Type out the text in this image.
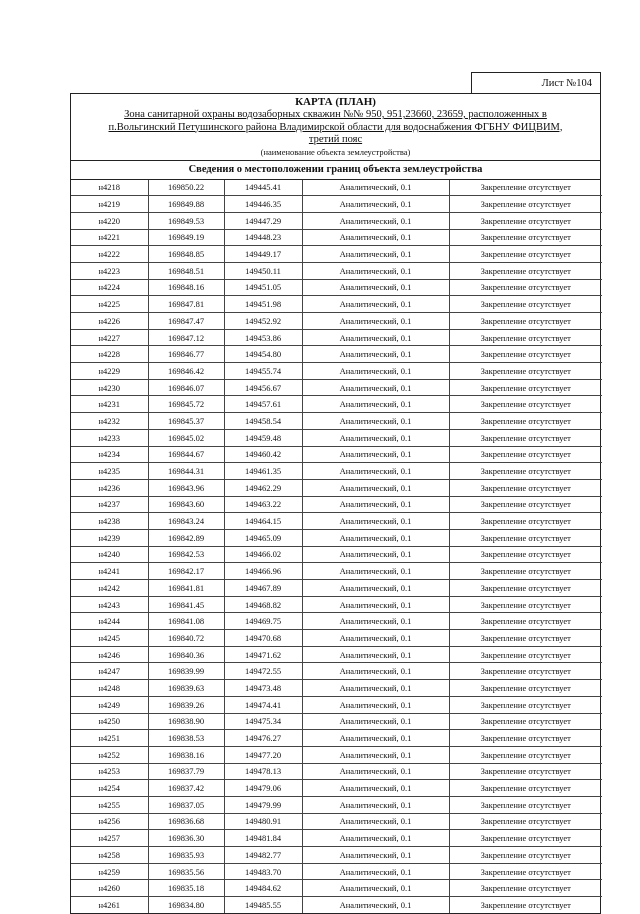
Лист №104
КАРТА (ПЛАН)
Зона санитарной охраны водозаборных скважин №№ 950, 951,23660, 23659, расположенных в
п.Вольгинский Петушинского района Владимирской области для водоснабжения ФГБНУ ФИЦВИМ,
третий пояс
(наименование объекта землеустройства)
Сведения о местоположении границ объекта землеустройства
н4218	169850.22	149445.41	Аналитический, 0.1	Закрепление отсутствует
н4219	169849.88	149446.35	Аналитический, 0.1	Закрепление отсутствует
н4220	169849.53	149447.29	Аналитический, 0.1	Закрепление отсутствует
н4221	169849.19	149448.23	Аналитический, 0.1	Закрепление отсутствует
н4222	169848.85	149449.17	Аналитический, 0.1	Закрепление отсутствует
н4223	169848.51	149450.11	Аналитический, 0.1	Закрепление отсутствует
н4224	169848.16	149451.05	Аналитический, 0.1	Закрепление отсутствует
н4225	169847.81	149451.98	Аналитический, 0.1	Закрепление отсутствует
н4226	169847.47	149452.92	Аналитический, 0.1	Закрепление отсутствует
н4227	169847.12	149453.86	Аналитический, 0.1	Закрепление отсутствует
н4228	169846.77	149454.80	Аналитический, 0.1	Закрепление отсутствует
н4229	169846.42	149455.74	Аналитический, 0.1	Закрепление отсутствует
н4230	169846.07	149456.67	Аналитический, 0.1	Закрепление отсутствует
н4231	169845.72	149457.61	Аналитический, 0.1	Закрепление отсутствует
н4232	169845.37	149458.54	Аналитический, 0.1	Закрепление отсутствует
н4233	169845.02	149459.48	Аналитический, 0.1	Закрепление отсутствует
н4234	169844.67	149460.42	Аналитический, 0.1	Закрепление отсутствует
н4235	169844.31	149461.35	Аналитический, 0.1	Закрепление отсутствует
н4236	169843.96	149462.29	Аналитический, 0.1	Закрепление отсутствует
н4237	169843.60	149463.22	Аналитический, 0.1	Закрепление отсутствует
н4238	169843.24	149464.15	Аналитический, 0.1	Закрепление отсутствует
н4239	169842.89	149465.09	Аналитический, 0.1	Закрепление отсутствует
н4240	169842.53	149466.02	Аналитический, 0.1	Закрепление отсутствует
н4241	169842.17	149466.96	Аналитический, 0.1	Закрепление отсутствует
н4242	169841.81	149467.89	Аналитический, 0.1	Закрепление отсутствует
н4243	169841.45	149468.82	Аналитический, 0.1	Закрепление отсутствует
н4244	169841.08	149469.75	Аналитический, 0.1	Закрепление отсутствует
н4245	169840.72	149470.68	Аналитический, 0.1	Закрепление отсутствует
н4246	169840.36	149471.62	Аналитический, 0.1	Закрепление отсутствует
н4247	169839.99	149472.55	Аналитический, 0.1	Закрепление отсутствует
н4248	169839.63	149473.48	Аналитический, 0.1	Закрепление отсутствует
н4249	169839.26	149474.41	Аналитический, 0.1	Закрепление отсутствует
н4250	169838.90	149475.34	Аналитический, 0.1	Закрепление отсутствует
н4251	169838.53	149476.27	Аналитический, 0.1	Закрепление отсутствует
н4252	169838.16	149477.20	Аналитический, 0.1	Закрепление отсутствует
н4253	169837.79	149478.13	Аналитический, 0.1	Закрепление отсутствует
н4254	169837.42	149479.06	Аналитический, 0.1	Закрепление отсутствует
н4255	169837.05	149479.99	Аналитический, 0.1	Закрепление отсутствует
н4256	169836.68	149480.91	Аналитический, 0.1	Закрепление отсутствует
н4257	169836.30	149481.84	Аналитический, 0.1	Закрепление отсутствует
н4258	169835.93	149482.77	Аналитический, 0.1	Закрепление отсутствует
н4259	169835.56	149483.70	Аналитический, 0.1	Закрепление отсутствует
н4260	169835.18	149484.62	Аналитический, 0.1	Закрепление отсутствует
н4261	169834.80	149485.55	Аналитический, 0.1	Закрепление отсутствует
